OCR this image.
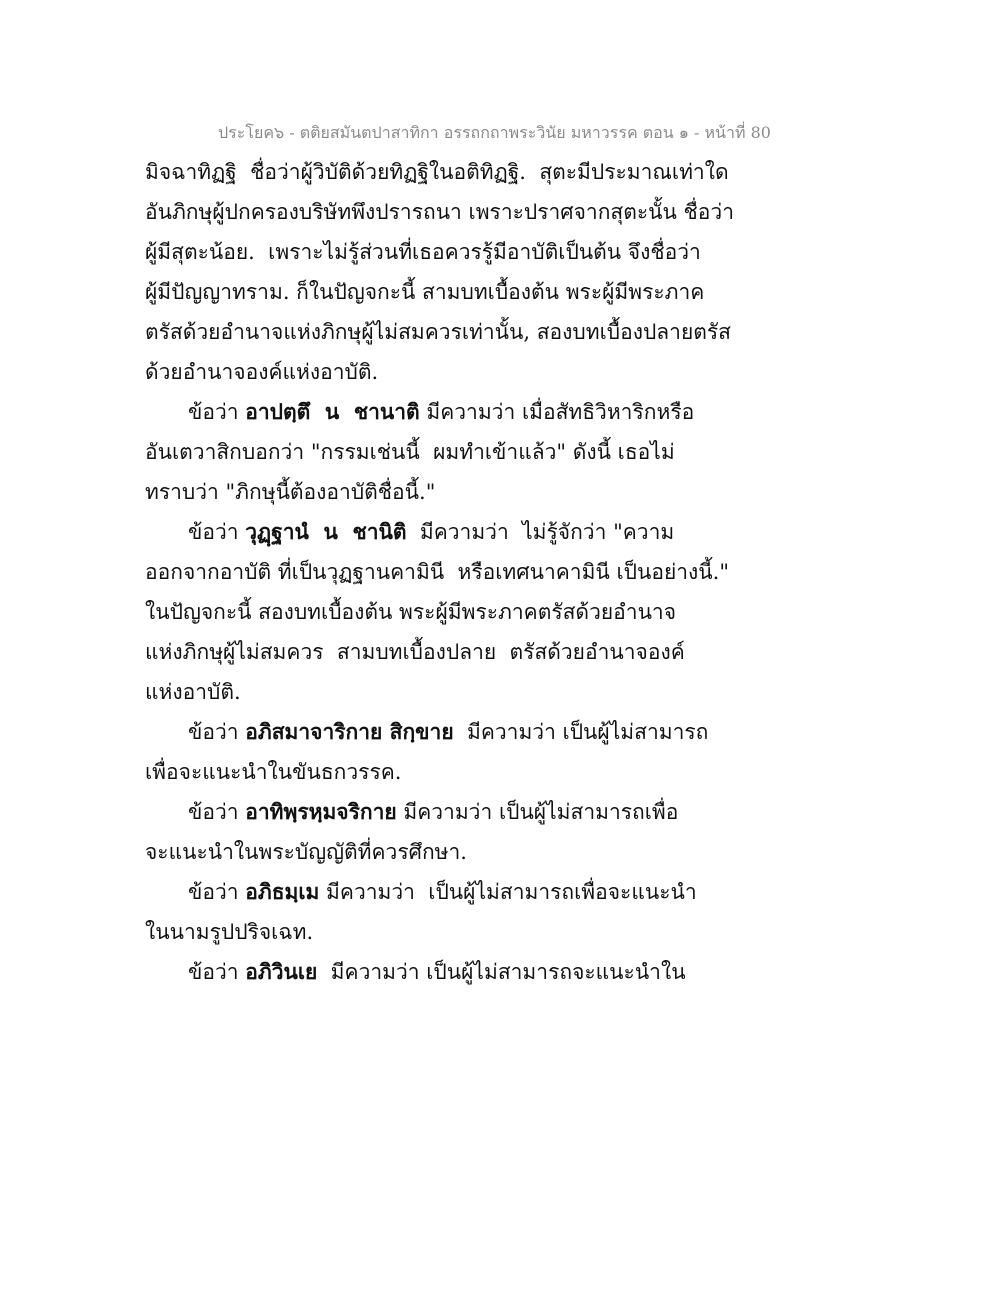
ประโยค๖ - ตติยสมันตปาสาทิกา อรรถกถาพระวินัย มหาวรรค ตอน ๑ - หน้าที่ 80
มิจฉาทิฏฐิ  ชื่อว่าผู้วิบัติด้วยทิฏฐิในอติทิฏฐิ.  สุตะมีประมาณเท่าใด
อันภิกษุผู้ปกครองบริษัทพึงปรารถนา เพราะปราศจากสุตะนั้น ชื่อว่า
ผู้มีสุตะน้อย.  เพราะไม่รู้ส่วนที่เธอควรรู้มีอาบัติเป็นต้น จึงชื่อว่า
ผู้มีปัญญาทราม. ก็ในปัญจกะนี้ สามบทเบื้องต้น พระผู้มีพระภาค
ตรัสด้วยอำนาจแห่งภิกษุผู้ไม่สมควรเท่านั้น, สองบทเบื้องปลายตรัส
ด้วยอำนาจองค์แห่งอาบัติ.
ข้อว่า อาปตฺตึ  น  ชานาติ มีความว่า เมื่อสัทธิวิหาริกหรือ
อันเตวาสิกบอกว่า "กรรมเช่นนี้  ผมทำเข้าแล้ว" ดังนี้ เธอไม่
ทราบว่า "ภิกษุนี้ต้องอาบัติชื่อนี้."
ข้อว่า วุฏฺฐานํ  น  ชานิติ  มีความว่า  ไม่รู้จักว่า "ความ
ออกจากอาบัติ ที่เป็นวุฏฐานคามินี  หรือเทศนาคามินี เป็นอย่างนี้."
ในปัญจกะนี้ สองบทเบื้องต้น พระผู้มีพระภาคตรัสด้วยอำนาจ
แห่งภิกษุผู้ไม่สมควร  สามบทเบื้องปลาย  ตรัสด้วยอำนาจองค์
แห่งอาบัติ.
ข้อว่า อภิสมาจาริกาย สิกฺขาย  มีความว่า เป็นผู้ไม่สามารถ
เพื่อจะแนะนำในขันธกวรรค.
ข้อว่า อาทิพฺรหฺมจริกาย มีความว่า เป็นผู้ไม่สามารถเพื่อ
จะแนะนำในพระบัญญัติที่ควรศึกษา.
ข้อว่า อภิธมฺเม มีความว่า  เป็นผู้ไม่สามารถเพื่อจะแนะนำ
ในนามรูปปริจเฉท.
ข้อว่า อภิวินเย  มีความว่า เป็นผู้ไม่สามารถจะแนะนำใน
